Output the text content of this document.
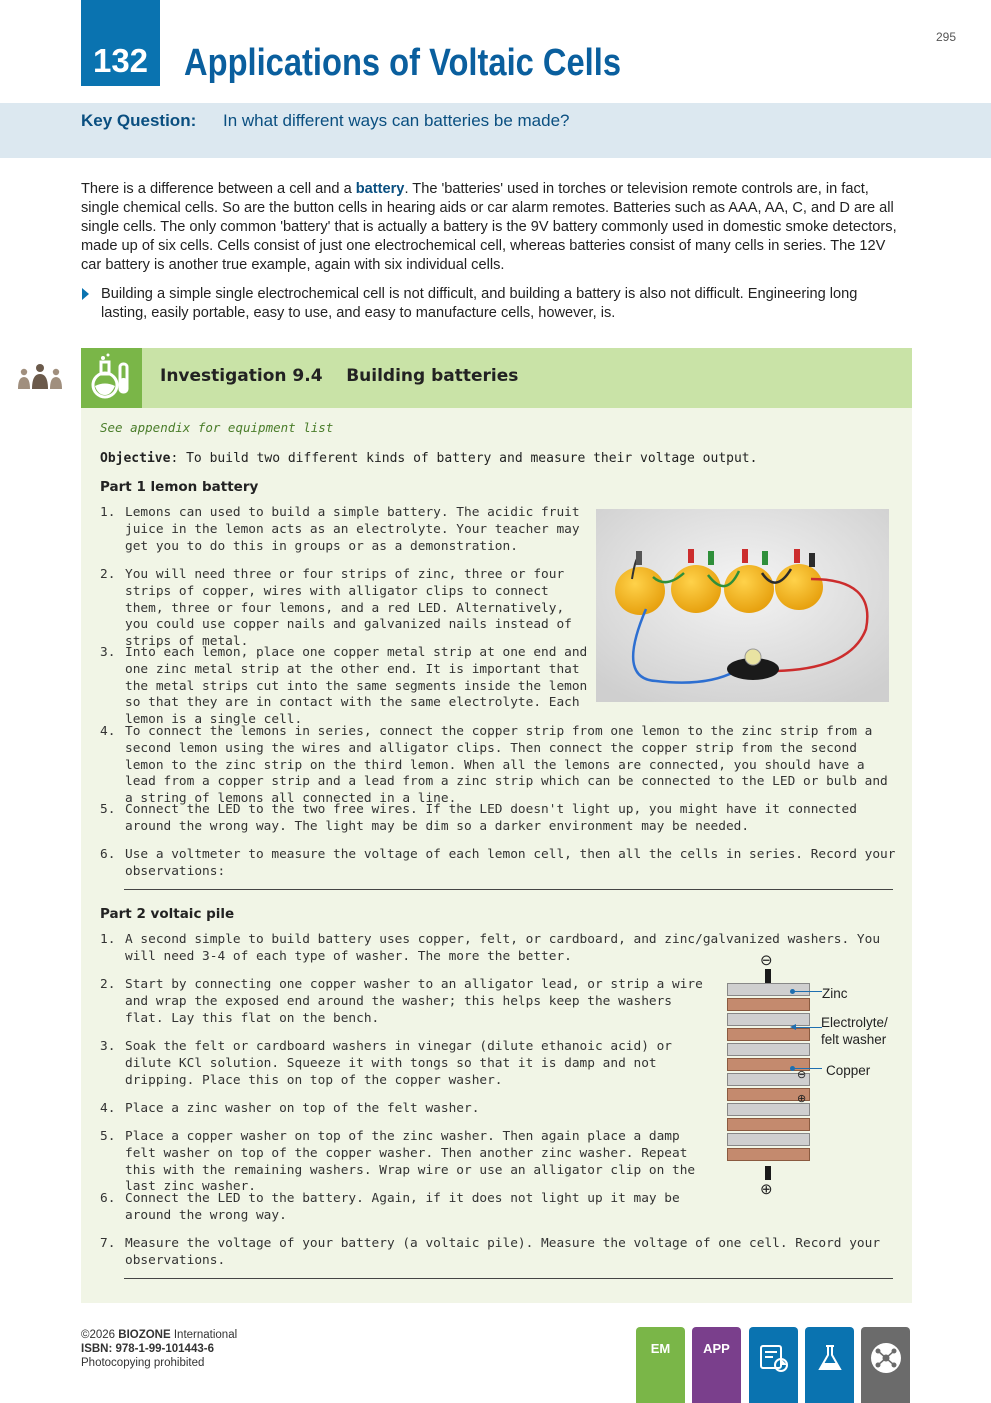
132 Applications of Voltaic Cells
295
Key Question: In what different ways can batteries be made?
There is a difference between a cell and a battery. The 'batteries' used in torches or television remote controls are, in fact, single chemical cells. So are the button cells in hearing aids or car alarm remotes. Batteries such as AAA, AA, C, and D are all single cells. The only common 'battery' that is actually a battery is the 9V battery commonly used in domestic smoke detectors, made up of six cells. Cells consist of just one electrochemical cell, whereas batteries consist of many cells in series. The 12V car battery is another true example, again with six individual cells.
Building a simple single electrochemical cell is not difficult, and building a battery is also not difficult. Engineering long lasting, easily portable, easy to use, and easy to manufacture cells, however, is.
Investigation 9.4    Building batteries
See appendix for equipment list
Objective: To build two different kinds of battery and measure their voltage output.
Part 1 lemon battery
1. Lemons can used to build a simple battery. The acidic fruit juice in the lemon acts as an electrolyte. Your teacher may get you to do this in groups or as a demonstration.
2. You will need three or four strips of zinc, three or four strips of copper, wires with alligator clips to connect them, three or four lemons, and a red LED. Alternatively, you could use copper nails and galvanized nails instead of strips of metal.
3. Into each lemon, place one copper metal strip at one end and one zinc metal strip at the other end. It is important that the metal strips cut into the same segments inside the lemon so that they are in contact with the same electrolyte. Each lemon is a single cell.
4. To connect the lemons in series, connect the copper strip from one lemon to the zinc strip from a second lemon using the wires and alligator clips. Then connect the copper strip from the second lemon to the zinc strip on the third lemon. When all the lemons are connected, you should have a lead from a copper strip and a lead from a zinc strip which can be connected to the LED or bulb and a string of lemons all connected in a line.
5. Connect the LED to the two free wires. If the LED doesn't light up, you might have it connected around the wrong way. The light may be dim so a darker environment may be needed.
6. Use a voltmeter to measure the voltage of each lemon cell, then all the cells in series. Record your observations:
Part 2 voltaic pile
1. A second simple to build battery uses copper, felt, or cardboard, and zinc/galvanized washers. You will need 3-4 of each type of washer. The more the better.
2. Start by connecting one copper washer to an alligator lead, or strip a wire and wrap the exposed end around the washer; this helps keep the washers flat. Lay this flat on the bench.
3. Soak the felt or cardboard washers in vinegar (dilute ethanoic acid) or dilute KCl solution. Squeeze it with tongs so that it is damp and not dripping. Place this on top of the copper washer.
4. Place a zinc washer on top of the felt washer.
5. Place a copper washer on top of the zinc washer. Then again place a damp felt washer on top of the copper washer. Then another zinc washer. Repeat this with the remaining washers. Wrap wire or use an alligator clip on the last zinc washer.
6. Connect the LED to the battery. Again, if it does not light up it may be around the wrong way.
7. Measure the voltage of your battery (a voltaic pile). Measure the voltage of one cell. Record your observations.
⊖
⊕
⊖
⊕
Zinc
Electrolyte/
felt washer
Copper
©2026 BIOZONE International
ISBN: 978-1-99-101443-6
Photocopying prohibited
EM	APP
